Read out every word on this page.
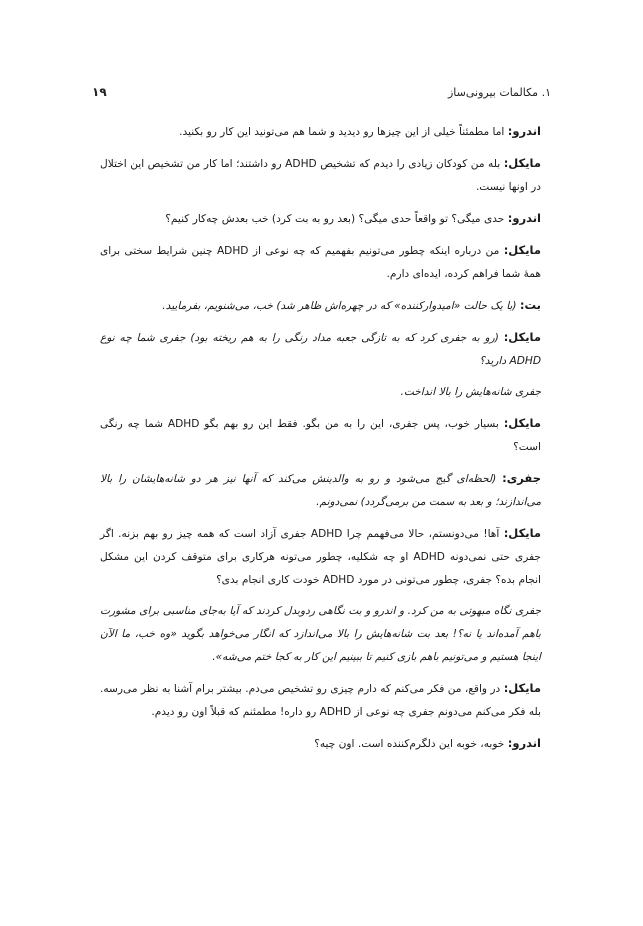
۱. مکالمات بیرونی‌ساز
۱۹

اندرو: اما مطمئناً خیلی از این چیزها رو دیدید و شما هم می‌تونید این کار رو بکنید.

مایکل: بله من کودکان زیادی را دیدم که تشخیص ADHD رو داشتند؛ اما کار من تشخیص این اختلال در اونها نیست.

اندرو: حدی میگی؟ تو واقعاً حدی میگی؟ (بعد رو به بت کرد) خب بعدش چه‌کار کنیم؟

مایکل: من درباره اینکه چطور می‌تونیم بفهمیم که چه نوعی از ADHD چنین شرایط سختی برای همهٔ شما فراهم کرده، ایده‌ای دارم.

بت: (با یک حالت «امیدوارکننده» که در چهره‌اش ظاهر شد) خب، می‌شنویم، بفرمایید.

مایکل: (رو به جفری کرد که به تازگی جعبه مداد رنگی را به هم ریخته بود) جفری شما چه نوع ADHD دارید؟

جفری شانه‌هایش را بالا انداخت.

مایکل: بسیار خوب، پس جفری، این را به من بگو. فقط این رو بهم بگو ADHD شما چه رنگی است؟

جفری: (لحظه‌ای گیج می‌شود و رو به والدینش می‌کند که آنها نیز هر دو شانه‌هایشان را بالا می‌اندازند؛ و بعد به سمت من برمی‌گردد) نمی‌دونم.

مایکل: آها! می‌دونستم، حالا می‌فهمم چرا ADHD جفری آزاد است که همه چیز رو بهم بزنه. اگر جفری حتی نمی‌دونه ADHD او چه شکلیه، چطور می‌تونه هرکاری برای متوقف کردن این مشکل انجام بده؟ جفری، چطور می‌تونی در مورد ADHD خودت کاری انجام بدی؟

جفری نگاه مبهوتی به من کرد. و اندرو و بت نگاهی ردوبدل کردند که آیا به‌جای مناسبی برای مشورت باهم آمده‌اند یا نه؟! بعد بت شانه‌هایش را بالا می‌اندازد که انگار می‌خواهد بگوید «وه خب، ما الآن اینجا هستیم و می‌تونیم باهم بازی کنیم تا ببینیم این کار به کجا ختم می‌شه».

مایکل: در واقع، من فکر می‌کنم که دارم چیزی رو تشخیص می‌دم. بیشتر برام آشنا به نظر می‌رسه. بله فکر می‌کنم می‌دونم جفری چه نوعی از ADHD رو داره! مطمئنم که قبلاً اون رو دیدم.

اندرو: خوبه، خوبه این دلگرم‌کننده است. اون چیه؟
